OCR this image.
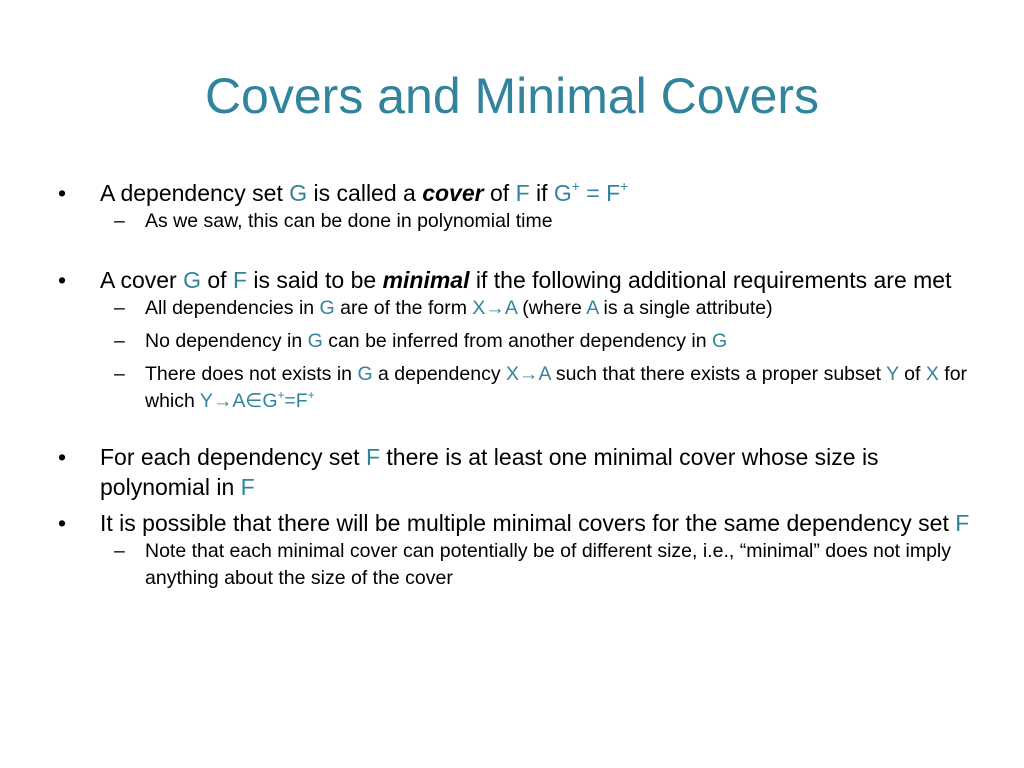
Covers and Minimal Covers
•	A dependency set G is called a cover of F if G+ = F+
–	As we saw, this can be done in polynomial time
•	A cover G of F is said to be minimal if the following additional requirements are met
–	All dependencies in G are of the form X→A (where A is a single attribute)
–	No dependency in G can be inferred from another dependency in G
–	There does not exists in G a dependency X→A such that there exists a proper subset Y of X for which Y→A∈G+=F+
•	For each dependency set F there is at least one minimal cover whose size is polynomial in F
•	It is possible that there will be multiple minimal covers for the same dependency set F
–	Note that each minimal cover can potentially be of different size, i.e., “minimal” does not imply anything about the size of the cover
